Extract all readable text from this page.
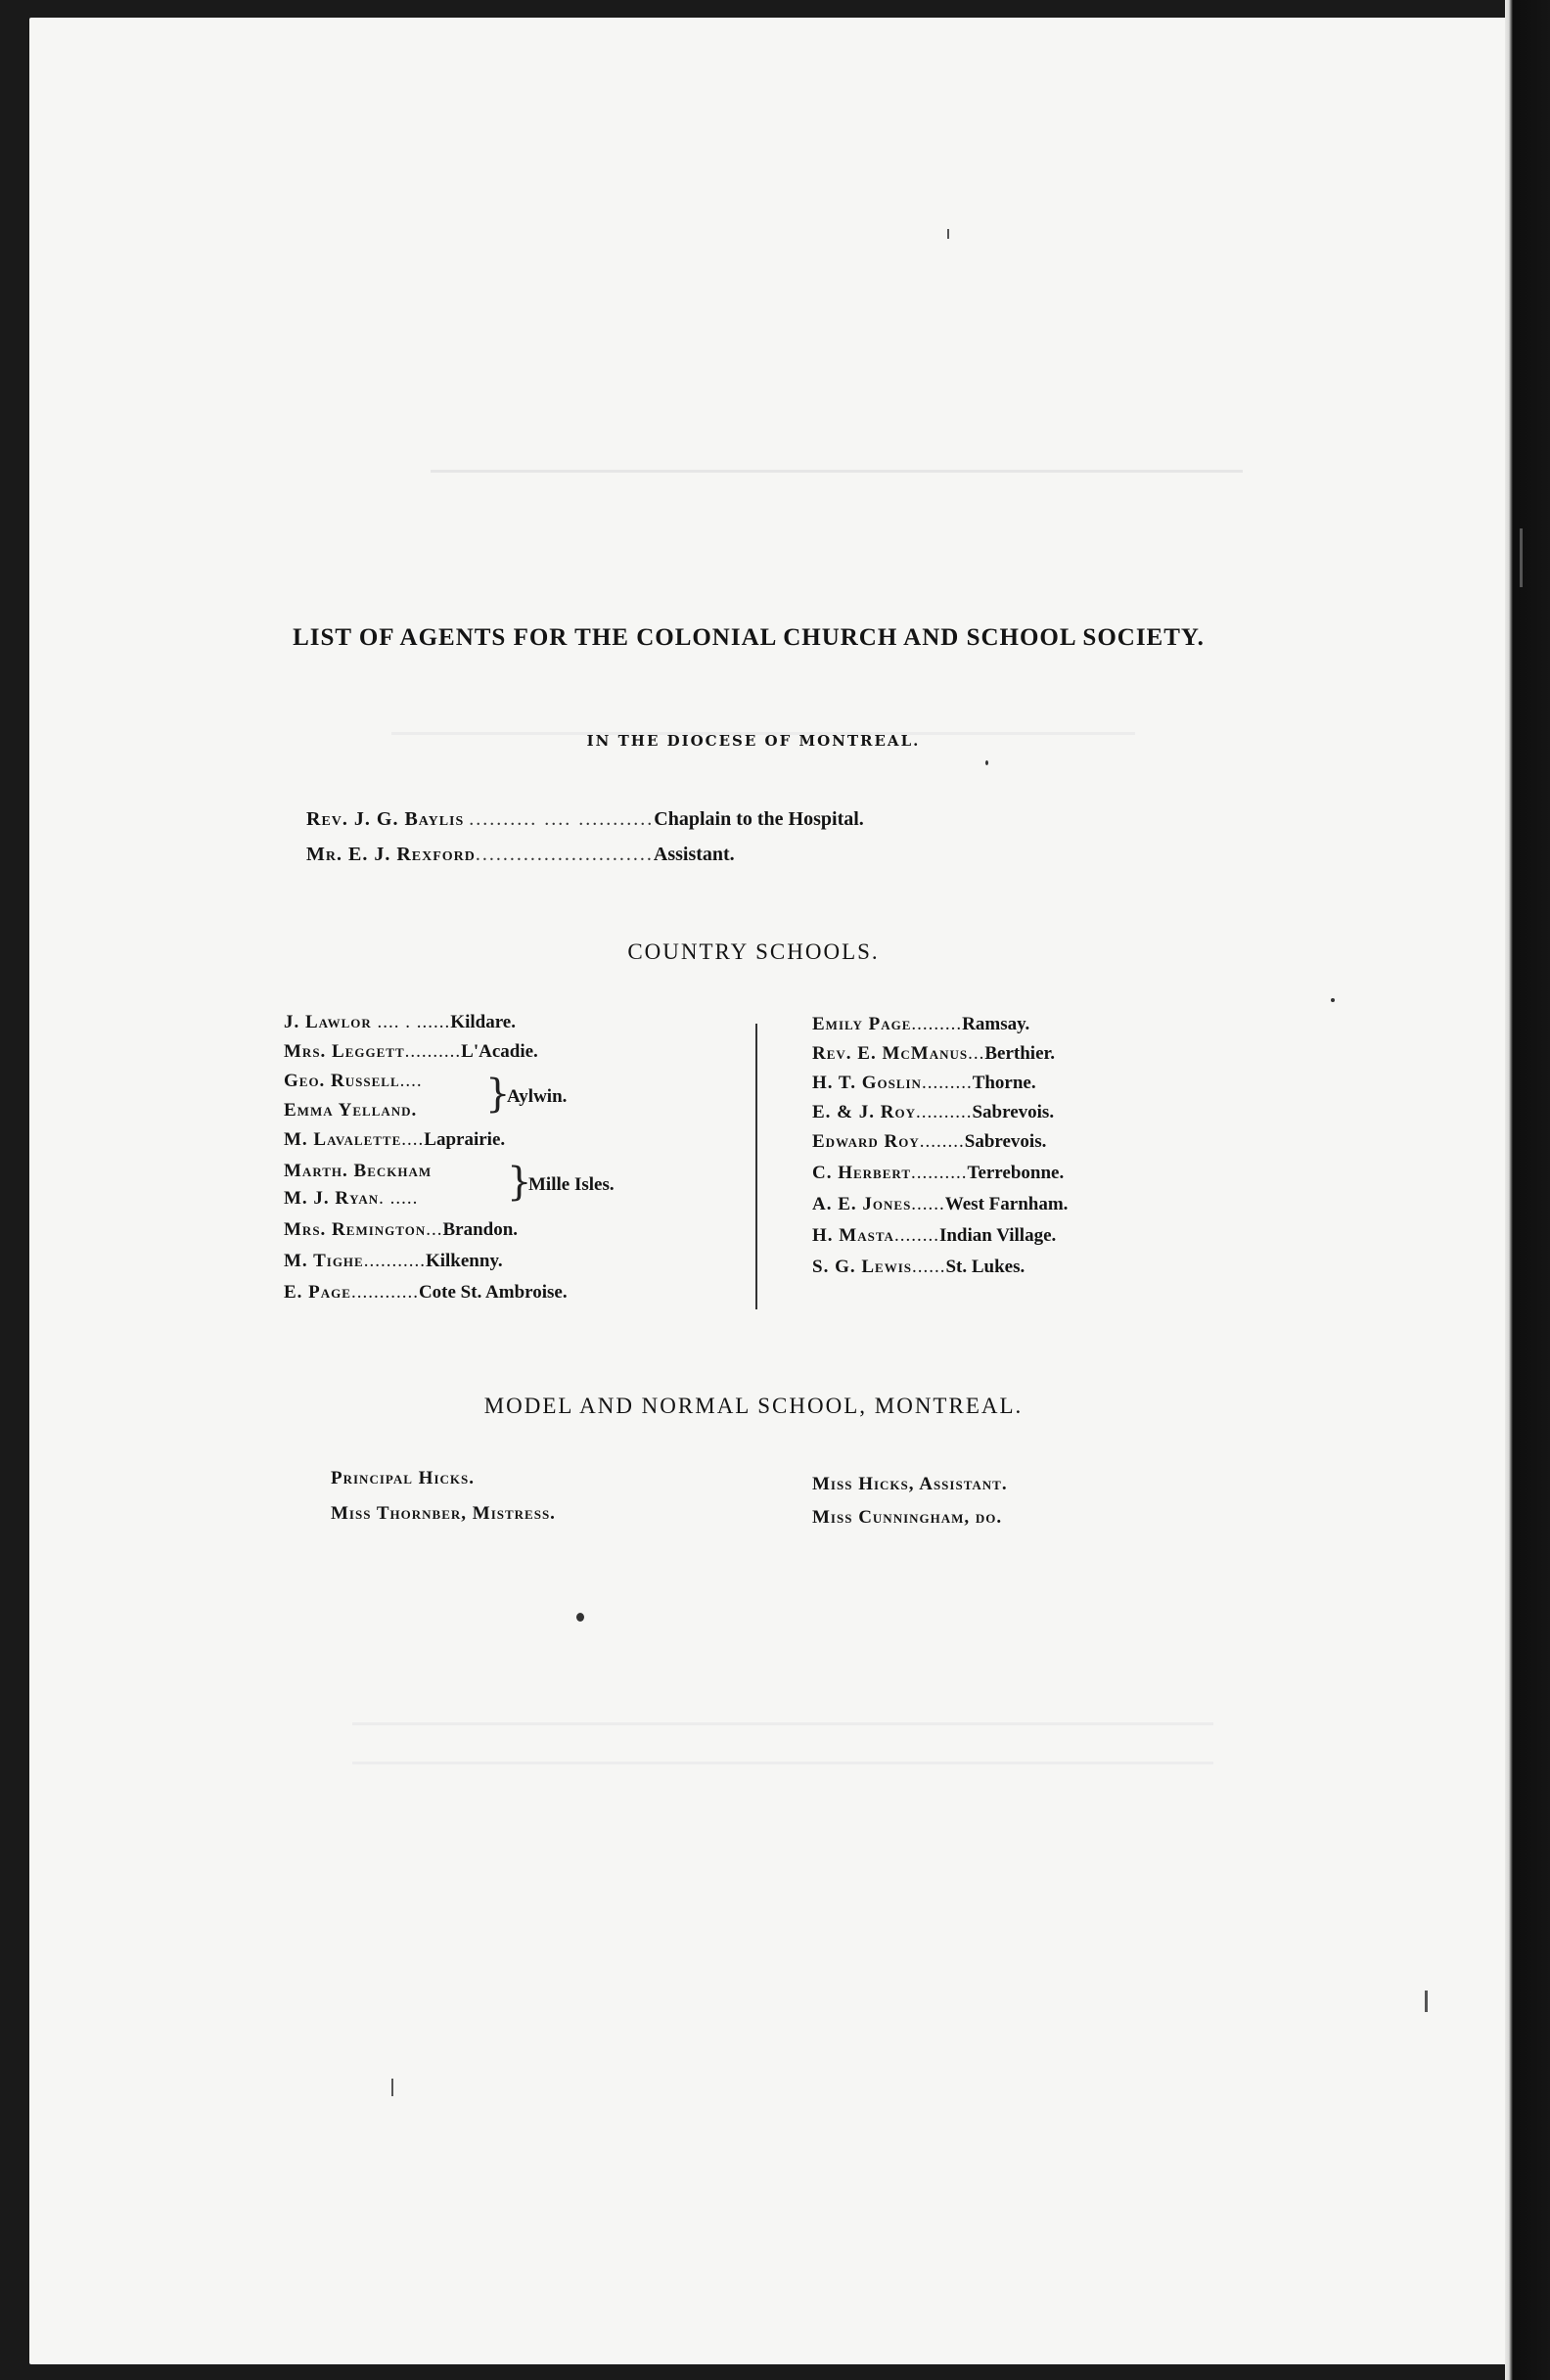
LIST OF AGENTS FOR THE COLONIAL CHURCH AND SCHOOL SOCIETY.
IN THE DIOCESE OF MONTREAL.
Rev. J. G. Baylis .......... .... ...........Chaplain to the Hospital.
Mr. E. J. Rexford..........................Assistant.
COUNTRY SCHOOLS.
J. Lawlor .... . ......Kildare.
Mrs. Leggett..........L'Acadie.
Geo. Russell....
Emma Yelland. }
Aylwin.
M. Lavalette....Laprairie.
Marth. Beckham
M. J. Ryan. ..... }
Mille Isles.
Mrs. Remington...Brandon.
M. Tighe...........Kilkenny.
E. Page............Cote St. Ambroise.
Emily Page.........Ramsay.
Rev. E. McManus...Berthier.
H. T. Goslin.........Thorne.
E. & J. Roy..........Sabrevois.
Edward Roy........Sabrevois.
C. Herbert..........Terrebonne.
A. E. Jones......West Farnham.
H. Masta........Indian Village.
S. G. Lewis......St. Lukes.
MODEL AND NORMAL SCHOOL, MONTREAL.
Principal Hicks.
Miss Thornber, Mistress.
Miss Hicks, Assistant.
Miss Cunningham, do.
